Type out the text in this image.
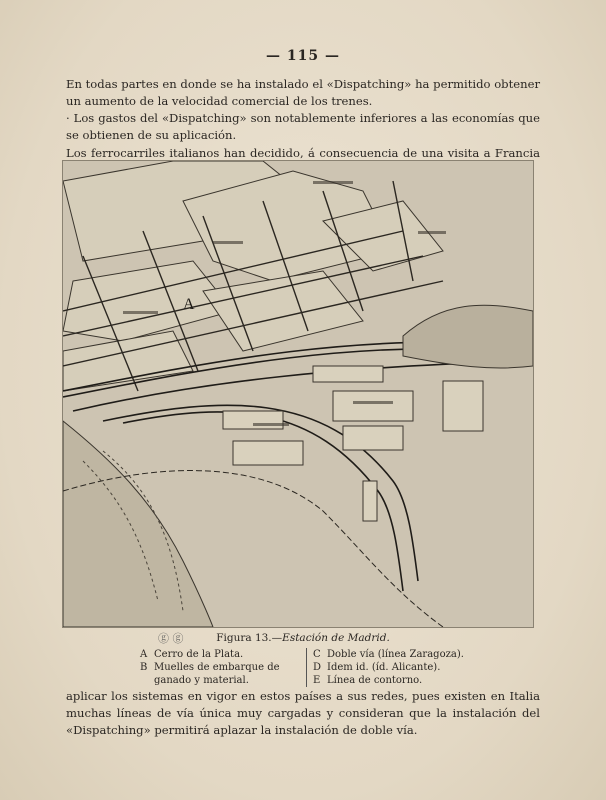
— 115 —

En todas partes en donde se ha instalado el «Dispatching» ha permitido obtener un aumento de la velocidad comercial de los trenes.

· Los gastos del «Dispatching» son notablemente inferiores a las economías que se obtienen de su aplicación.

Los ferrocarriles italianos han decidido, á consecuencia de una visita a Francia

A
ⓖ ⓖ	Figura 13.—Estación de Madrid.
A Cerro de la Plata.
B Muelles de embarque de ganado y material.
C Doble vía (línea Zaragoza).
D Idem id. (íd. Alicante).
E Línea de contorno.

aplicar los sistemas en vigor en estos países a sus redes, pues existen en Italia muchas líneas de vía única muy cargadas y consideran que la instalación del «Dispatching» permitirá aplazar la instalación de doble vía.
